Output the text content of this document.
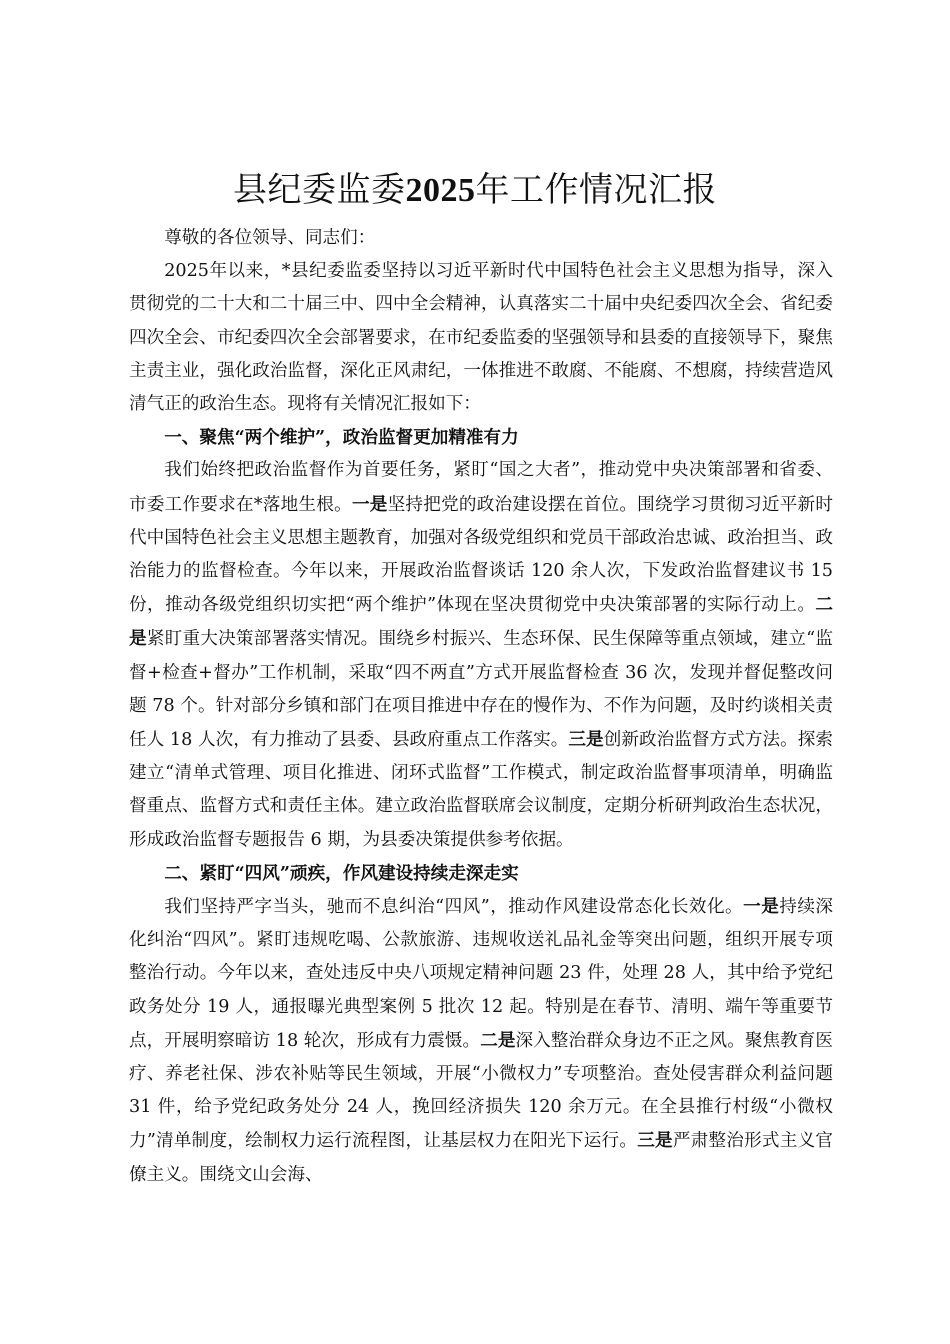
县纪委监委2025年工作情况汇报

尊敬的各位领导、同志们：

2025年以来，*县纪委监委坚持以习近平新时代中国特色社会主义思想为指导，深入贯彻党的二十大和二十届三中、四中全会精神，认真落实二十届中央纪委四次全会、省纪委四次全会、市纪委四次全会部署要求，在市纪委监委的坚强领导和县委的直接领导下，聚焦主责主业，强化政治监督，深化正风肃纪，一体推进不敢腐、不能腐、不想腐，持续营造风清气正的政治生态。现将有关情况汇报如下：

一、聚焦“两个维护”，政治监督更加精准有力

我们始终把政治监督作为首要任务，紧盯“国之大者”，推动党中央决策部署和省委、市委工作要求在*落地生根。一是坚持把党的政治建设摆在首位。围绕学习贯彻习近平新时代中国特色社会主义思想主题教育，加强对各级党组织和党员干部政治忠诚、政治担当、政治能力的监督检查。今年以来，开展政治监督谈话 120 余人次，下发政治监督建议书 15 份，推动各级党组织切实把“两个维护”体现在坚决贯彻党中央决策部署的实际行动上。二是紧盯重大决策部署落实情况。围绕乡村振兴、生态环保、民生保障等重点领域，建立“监督+检查+督办”工作机制，采取“四不两直”方式开展监督检查 36 次，发现并督促整改问题 78 个。针对部分乡镇和部门在项目推进中存在的慢作为、不作为问题，及时约谈相关责任人 18 人次，有力推动了县委、县政府重点工作落实。三是创新政治监督方式方法。探索建立“清单式管理、项目化推进、闭环式监督”工作模式，制定政治监督事项清单，明确监督重点、监督方式和责任主体。建立政治监督联席会议制度，定期分析研判政治生态状况，形成政治监督专题报告 6 期，为县委决策提供参考依据。

二、紧盯“四风”顽疾，作风建设持续走深走实

我们坚持严字当头，驰而不息纠治“四风”，推动作风建设常态化长效化。一是持续深化纠治“四风”。紧盯违规吃喝、公款旅游、违规收送礼品礼金等突出问题，组织开展专项整治行动。今年以来，查处违反中央八项规定精神问题 23 件，处理 28 人，其中给予党纪政务处分 19 人，通报曝光典型案例 5 批次 12 起。特别是在春节、清明、端午等重要节点，开展明察暗访 18 轮次，形成有力震慑。二是深入整治群众身边不正之风。聚焦教育医疗、养老社保、涉农补贴等民生领域，开展“小微权力”专项整治。查处侵害群众利益问题 31 件，给予党纪政务处分 24 人，挽回经济损失 120 余万元。在全县推行村级“小微权力”清单制度，绘制权力运行流程图，让基层权力在阳光下运行。三是严肃整治形式主义官僚主义。围绕文山会海、
